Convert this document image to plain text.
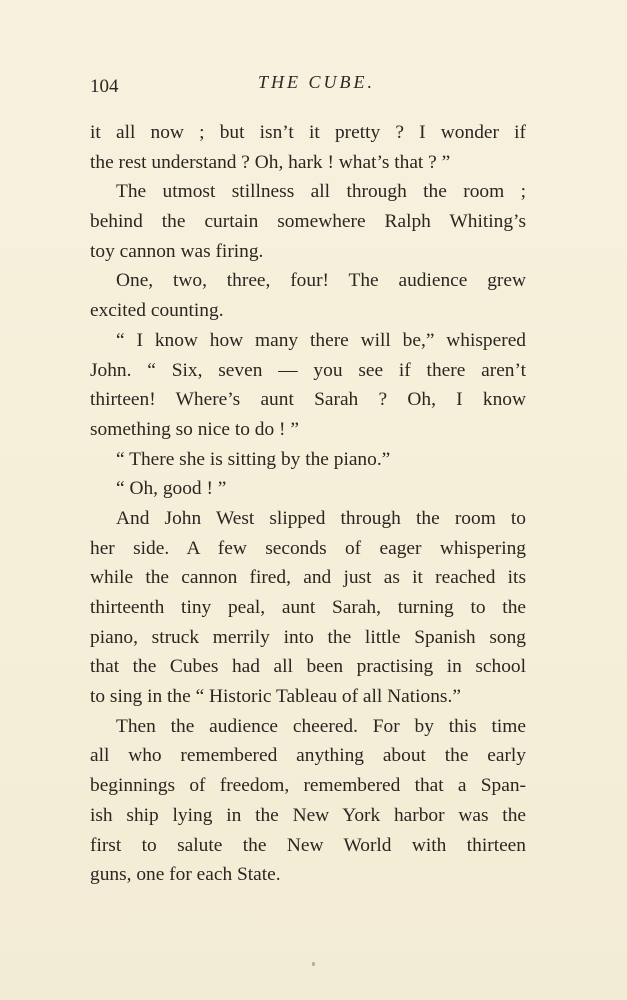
104	THE CUBE.
it all now ; but isn’t it pretty ? I wonder if
the rest understand ? Oh, hark ! what’s that ? ”
The utmost stillness all through the room ;
behind the curtain somewhere Ralph Whiting’s
toy cannon was firing.
One, two, three, four! The audience grew
excited counting.
“ I know how many there will be,” whispered
John. “ Six, seven — you see if there aren’t
thirteen! Where’s aunt Sarah ? Oh, I know
something so nice to do ! ”
“ There she is sitting by the piano.”
“ Oh, good ! ”
And John West slipped through the room to
her side. A few seconds of eager whispering
while the cannon fired, and just as it reached its
thirteenth tiny peal, aunt Sarah, turning to the
piano, struck merrily into the little Spanish song
that the Cubes had all been practising in school
to sing in the “ Historic Tableau of all Nations.”
Then the audience cheered. For by this time
all who remembered anything about the early
beginnings of freedom, remembered that a Span-
ish ship lying in the New York harbor was the
first to salute the New World with thirteen
guns, one for each State.
